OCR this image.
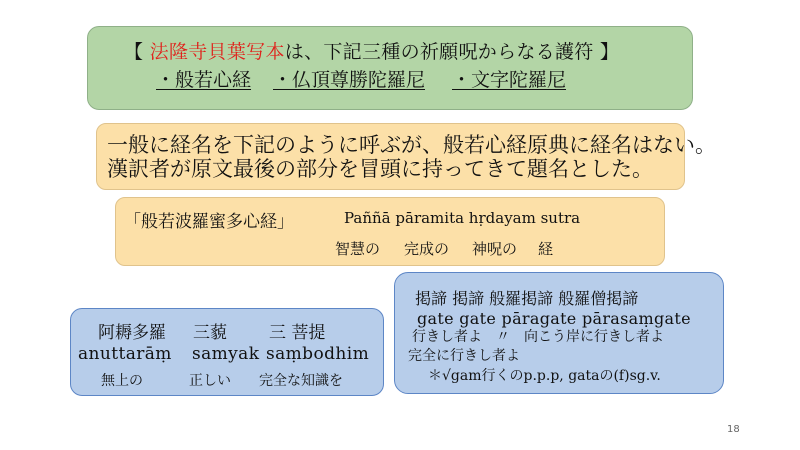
【 法隆寺貝葉写本は、下記三種の祈願呪からなる護符 】
・般若心経 ・仏頂尊勝陀羅尼 ・文字陀羅尼
一般に経名を下記のように呼ぶが、般若心経原典に経名はない。
漢訳者が原文最後の部分を冒頭に持ってきて題名とした。
「般若波羅蜜多心経」	Paññā pāramita hṛdayam sutra
智慧の 完成の 神呪の 経
阿耨多羅 三藐 三 菩提
anuttarāṃ samyak saṃbodhim
無上の	正しい 完全な知識を
掲諦 掲諦 般羅掲諦 般羅僧掲諦
gate gate pāragate pārasaṃgate
行きし者よ　〃　向こう岸に行きし者よ
完全に行きし者よ
＊√gam行くのp.p.p, gataの(f)sg.v.
18
